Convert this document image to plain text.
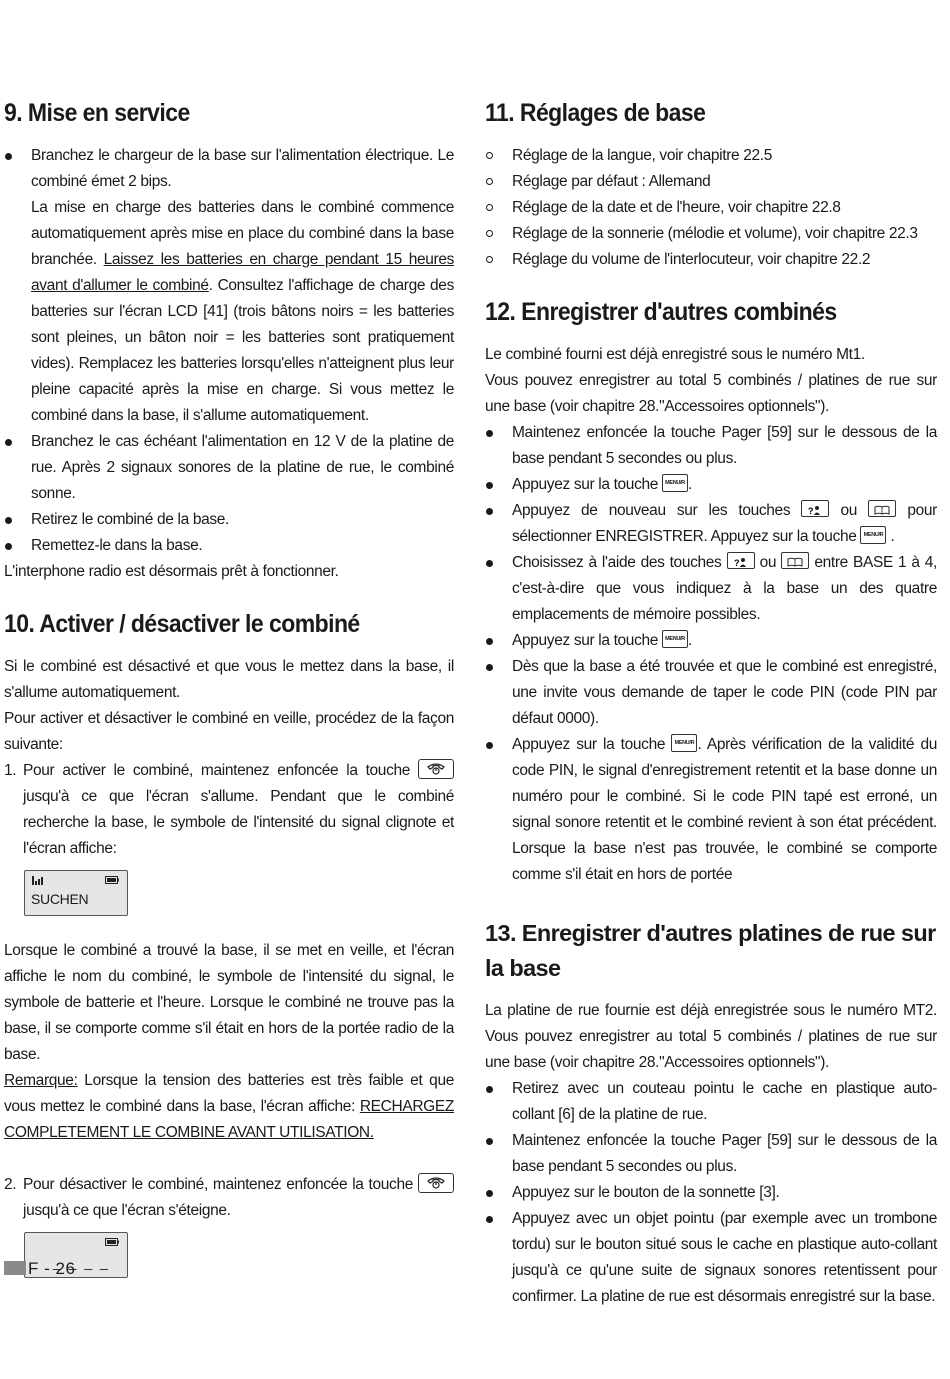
9. Mise en service
Branchez le chargeur de la base sur l'alimentation électrique. Le combiné émet 2 bips.
La mise en charge des batteries dans le combiné commence automatiquement après mise en place du combiné dans la base branchée. Laissez les batteries en charge pendant 15 heures avant d'allumer le combiné. Consultez l'affichage de charge des batteries sur l'écran LCD [41] (trois bâtons noirs = les batteries sont pleines, un bâton noir = les batteries sont pratiquement vides). Remplacez les batteries lorsqu'elles n'atteignent plus leur pleine capacité après la mise en charge. Si vous mettez le combiné dans la base, il s'allume automatiquement.
Branchez le cas échéant l'alimentation en 12 V de la platine de rue. Après 2 signaux sonores de la platine de rue, le combiné sonne.
Retirez le combiné de la base.
Remettez-le dans la base.

L'interphone radio est désormais prêt à fonctionner.

10. Activer / désactiver le combiné

Si le combiné est désactivé et que vous le mettez dans la base, il s'allume automatiquement.

Pour activer et désactiver le combiné en veille, procédez de la façon suivante:

1. Pour activer le combiné, maintenez enfoncée la touche
jusqu'à ce que l'écran s'allume. Pendant que le combiné recherche la base, le symbole de l'intensité du signal clignote et l'écran affiche:
SUCHEN

Lorsque le combiné a trouvé la base, il se met en veille, et l'écran affiche le nom du combiné, le symbole de l'intensité du signal, le symbole de batterie et l'heure. Lorsque le combiné ne trouve pas la base, il se comporte comme s'il était en hors de la portée radio de la base.

Remarque: Lorsque la tension des batteries est très faible et que vous mettez le combiné dans la base, l'écran affiche: RECHARGEZ COMPLETEMENT LE COMBINE AVANT UTILISATION.

2. Pour désactiver le combiné, maintenez enfoncée la touche
jusqu'à ce que l'écran s'éteigne.
_ _ _ _
F - 26
11. Réglages de base
Réglage de la langue, voir chapitre 22.5
Réglage par défaut : Allemand
Réglage de la date et de l'heure, voir chapitre 22.8
Réglage de la sonnerie (mélodie et volume), voir chapitre 22.3
Réglage du volume de l'interlocuteur, voir chapitre 22.2
12. Enregistrer d'autres combinés

Le combiné fourni est déjà enregistré sous le numéro Mt1.

Vous pouvez enregistrer au total 5 combinés / platines de rue sur une base (voir chapitre 28."Accessoires optionnels").

Maintenez enfoncée la touche Pager [59] sur le dessous de la base pendant 5 secondes ou plus.
Appuyez sur la touche MENU/R .
Appuyez de nouveau sur les touches ? ou  pour sélectionner ENREGISTRER. Appuyez sur la touche MENU/R .
Choisissez à l'aide des touches ? ou  entre BASE 1 à 4, c'est-à-dire que vous indiquez à la base un des quatre emplacements de mémoire possibles.
Appuyez sur la touche MENU/R .
Dès que la base a été trouvée et que le combiné est enregistré, une invite vous demande de taper le code PIN (code PIN par défaut 0000).
Appuyez sur la touche MENU/R . Après vérification de la validité du code PIN, le signal d'enregistrement retentit et la base donne un numéro pour le combiné. Si le code PIN tapé est erroné, un signal sonore retentit et le combiné revient à son état précédent. Lorsque la base n'est pas trouvée, le combiné se comporte comme s'il était en hors de portée
13. Enregistrer d'autres platines de rue sur la base

La platine de rue fournie est déjà enregistrée sous le numéro MT2. Vous pouvez enregistrer au total 5 combinés / platines de rue sur une base (voir chapitre 28."Accessoires optionnels").

Retirez avec un couteau pointu le cache en plastique auto-collant [6] de la platine de rue.
Maintenez enfoncée la touche Pager [59] sur le dessous de la base pendant 5 secondes ou plus.
Appuyez sur le bouton de la sonnette [3].
Appuyez avec un objet pointu (par exemple avec un trombone tordu) sur le bouton situé sous le cache en plastique auto-collant jusqu'à ce qu'une suite de signaux sonores retentissent pour confirmer. La platine de rue est désormais enregistré sur la base.
